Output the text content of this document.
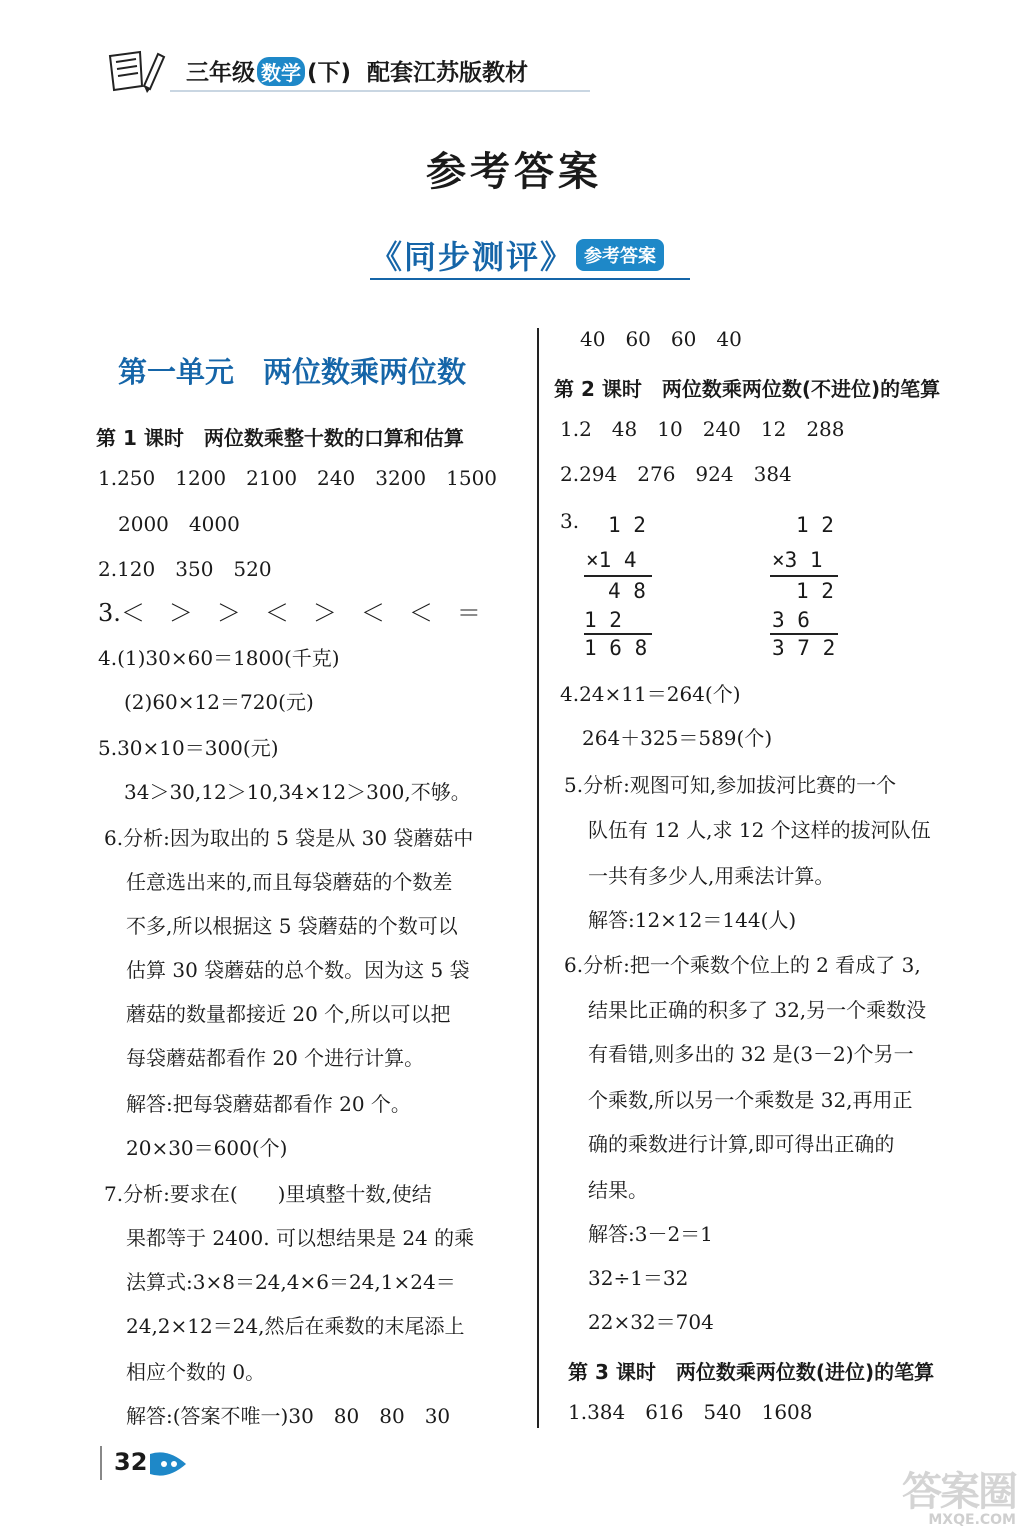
三年级 数学 (下) 配套江苏版教材
参考答案
《同步测评》 参考答案
第一单元　两位数乘两位数
第 1 课时　两位数乘整十数的口算和估算
1.250　1200　2100　240　3200　1500
2000　4000
2.120　350　520
3.＜　＞　＞　＜　＞　＜　＜　＝
4.(1)30×60＝1800(千克)
(2)60×12＝720(元)
5.30×10＝300(元)
34＞30,12＞10,34×12＞300,不够。
6.分析:因为取出的 5 袋是从 30 袋蘑菇中
任意选出来的,而且每袋蘑菇的个数差
不多,所以根据这 5 袋蘑菇的个数可以
估算 30 袋蘑菇的总个数。因为这 5 袋
蘑菇的数量都接近 20 个,所以可以把
每袋蘑菇都看作 20 个进行计算。
解答:把每袋蘑菇都看作 20 个。
20×30＝600(个)
7.分析:要求在(　　)里填整十数,使结
果都等于 2400. 可以想结果是 24 的乘
法算式:3×8＝24,4×6＝24,1×24＝
24,2×12＝24,然后在乘数的末尾添上
相应个数的 0。
解答:(答案不唯一)30　80　80　30
40　60　60　40
第 2 课时　两位数乘两位数(不进位)的笔算
1.2　48　10　240　12　288
2.294　276　924　384
3. 1 2
×1 4
4 8
1 2
1 6 8
1 2
×3 1
1 2
3 6
3 7 2
4.24×11＝264(个)
264＋325＝589(个)
5.分析:观图可知,参加拔河比赛的一个
队伍有 12 人,求 12 个这样的拔河队伍
一共有多少人,用乘法计算。
解答:12×12＝144(人)
6.分析:把一个乘数个位上的 2 看成了 3,
结果比正确的积多了 32,另一个乘数没
有看错,则多出的 32 是(3－2)个另一
个乘数,所以另一个乘数是 32,再用正
确的乘数进行计算,即可得出正确的
结果。
解答:3－2＝1
32÷1＝32
22×32＝704
第 3 课时　两位数乘两位数(进位)的笔算
1.384　616　540　1608
32
答案圈
MXQE.COM
